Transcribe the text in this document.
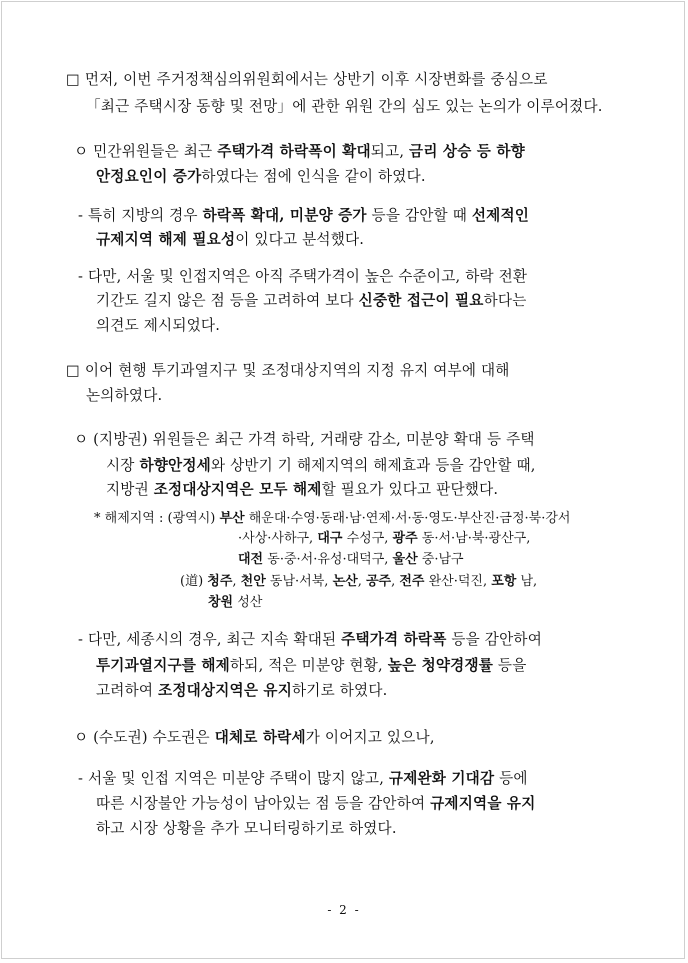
□ 먼저, 이번 주거정책심의위원회에서는 상반기 이후 시장변화를 중심으로
「최근 주택시장 동향 및 전망」에 관한 위원 간의 심도 있는 논의가 이루어졌다.
ㅇ 민간위원들은 최근 주택가격 하락폭이 확대되고, 금리 상승 등 하향
안정요인이 증가하였다는 점에 인식을 같이 하였다.
- 특히 지방의 경우 하락폭 확대, 미분양 증가 등을 감안할 때 선제적인
규제지역 해제 필요성이 있다고 분석했다.
- 다만, 서울 및 인접지역은 아직 주택가격이 높은 수준이고, 하락 전환
기간도 길지 않은 점 등을 고려하여 보다 신중한 접근이 필요하다는
의견도 제시되었다.
□ 이어 현행 투기과열지구 및 조정대상지역의 지정 유지 여부에 대해
논의하였다.
ㅇ (지방권) 위원들은 최근 가격 하락, 거래량 감소, 미분양 확대 등 주택
시장 하향안정세와 상반기 기 해제지역의 해제효과 등을 감안할 때,
지방권 조정대상지역은 모두 해제할 필요가 있다고 판단했다.
* 해제지역 : (광역시) 부산 해운대·수영·동래·남·연제·서·동·영도·부산진·금정·북·강서
·사상·사하구, 대구 수성구, 광주 동·서·남·북·광산구,
대전 동·중·서·유성·대덕구, 울산 중·남구
(道) 청주, 천안 동남·서북, 논산, 공주, 전주 완산·덕진, 포항 남,
창원 성산
- 다만, 세종시의 경우, 최근 지속 확대된 주택가격 하락폭 등을 감안하여
투기과열지구를 해제하되, 적은 미분양 현황, 높은 청약경쟁률 등을
고려하여 조정대상지역은 유지하기로 하였다.
ㅇ (수도권) 수도권은 대체로 하락세가 이어지고 있으나,
- 서울 및 인접 지역은 미분양 주택이 많지 않고, 규제완화 기대감 등에
따른 시장불안 가능성이 남아있는 점 등을 감안하여 규제지역을 유지
하고 시장 상황을 추가 모니터링하기로 하였다.
- 2 -
